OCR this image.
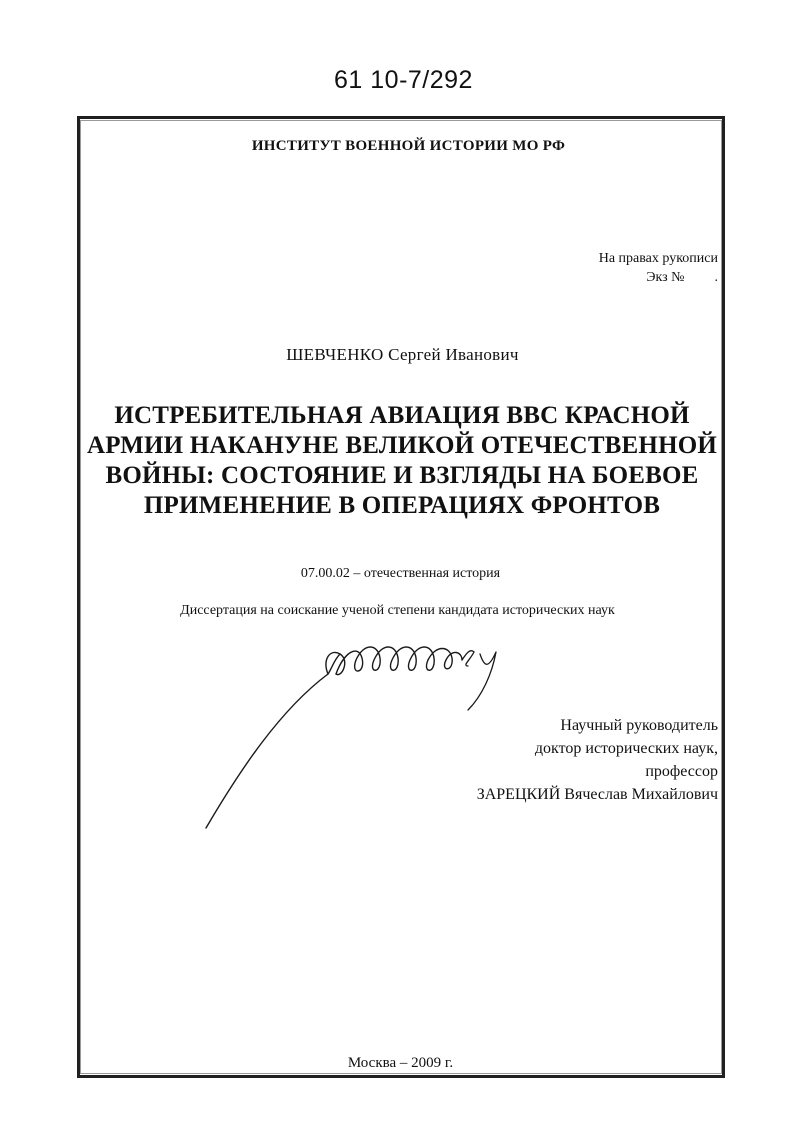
61 10-7/292
ИНСТИТУТ ВОЕННОЙ ИСТОРИИ МО РФ
На правах рукописи
Экз № .
ШЕВЧЕНКО Сергей Иванович
ИСТРЕБИТЕЛЬНАЯ АВИАЦИЯ ВВС КРАСНОЙ
АРМИИ НАКАНУНЕ ВЕЛИКОЙ ОТЕЧЕСТВЕННОЙ
ВОЙНЫ: СОСТОЯНИЕ И ВЗГЛЯДЫ НА БОЕВОЕ
ПРИМЕНЕНИЕ В ОПЕРАЦИЯХ ФРОНТОВ
07.00.02 – отечественная история
Диссертация на соискание ученой степени кандидата исторических наук
Научный руководитель
доктор исторических наук,
профессор
ЗАРЕЦКИЙ Вячеслав Михайлович
Москва – 2009 г.
